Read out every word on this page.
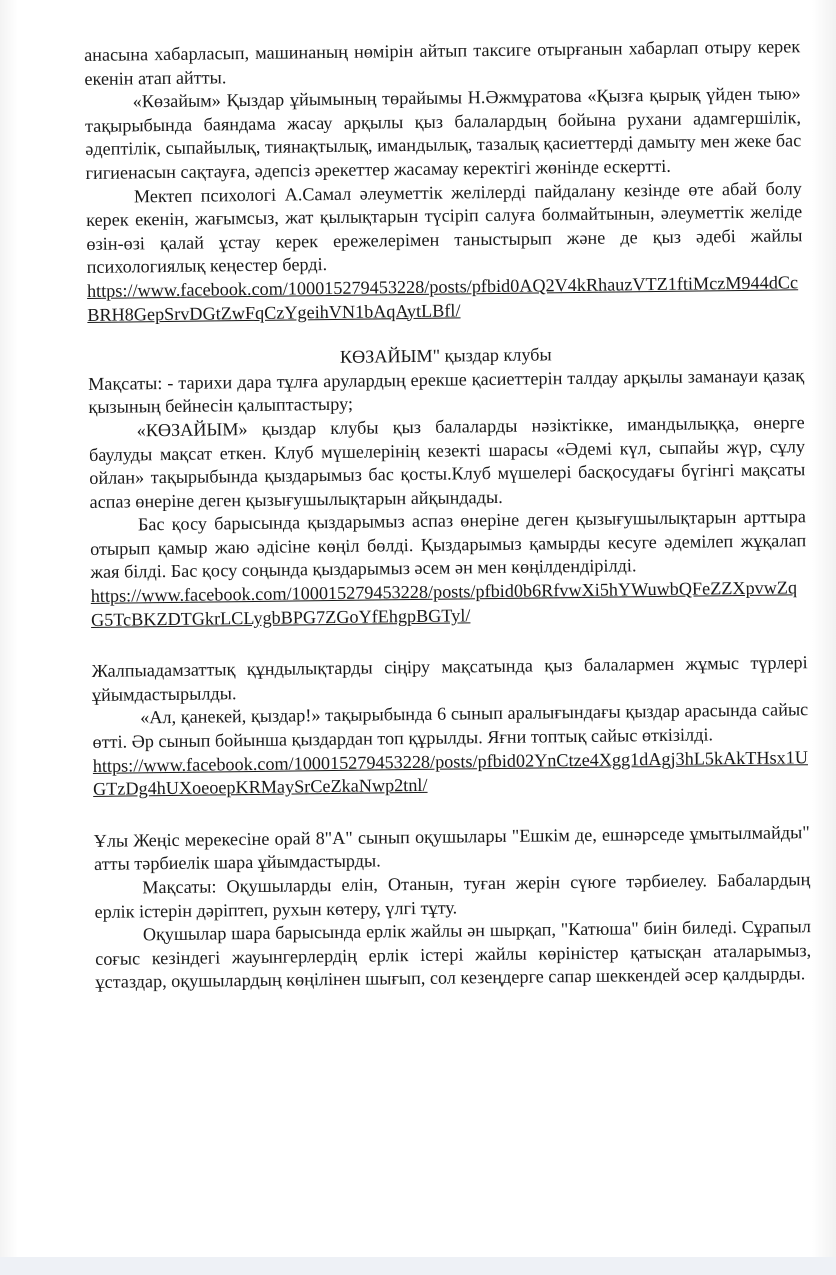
анасына хабарласып, машинаның нөмірін айтып таксиге отырғанын хабарлап отыру керек екенін атап айтты.

«Көзайым» Қыздар ұйымының төрайымы Н.Әжмұратова «Қызға қырық үйден тыю» тақырыбында баяндама жасау арқылы қыз балалардың бойына рухани адамгершілік, әдептілік, сыпайылық, тиянақтылық, имандылық, тазалық қасиеттерді дамыту мен жеке бас гигиенасын сақтауға, әдепсіз әрекеттер жасамау керектігі жөнінде ескертті.

Мектеп психологі А.Самал әлеуметтік желілерді пайдалану кезінде өте абай болу керек екенін, жағымсыз, жат қылықтарын түсіріп салуға болмайтынын, әлеуметтік желіде өзін-өзі қалай ұстау керек ережелерімен таныстырып және де қыз әдебі жайлы психологиялық кеңестер берді.

https://www.facebook.com/100015279453228/posts/pfbid0AQ2V4kRhauzVTZ1ftiMczM944dCcBRH8GepSrvDGtZwFqCzYgeihVN1bAqAytLBfl/

КӨЗАЙЫМ" қыздар клубы

Мақсаты: - тарихи дара тұлға арулардың ерекше қасиеттерін талдау арқылы заманауи қазақ қызының бейнесін қалыптастыру;

«КӨЗАЙЫМ» қыздар клубы қыз балаларды нәзіктікке, имандылыққа, өнерге баулуды мақсат еткен. Клуб мүшелерінің кезекті шарасы «Әдемі күл, сыпайы жүр, сұлу ойлан» тақырыбында қыздарымыз бас қосты.Клуб мүшелері басқосудағы бүгінгі мақсаты аспаз өнеріне деген қызығушылықтарын айқындады.

Бас қосу барысында қыздарымыз аспаз өнеріне деген қызығушылықтарын арттыра отырып қамыр жаю әдісіне көңіл бөлді. Қыздарымыз қамырды кесуге әдемілеп жұқалап жая білді. Бас қосу соңында қыздарымыз әсем ән мен көңілдендірілді.

https://www.facebook.com/100015279453228/posts/pfbid0b6RfvwXi5hYWuwbQFeZZXpvwZqG5TcBKZDTGkrLCLygbBPG7ZGoYfEhgpBGTyl/

Жалпыадамзаттық құндылықтарды сіңіру мақсатында қыз балалармен жұмыс түрлері ұйымдастырылды.

«Ал, қанекей, қыздар!» тақырыбында 6 сынып аралығындағы қыздар арасында сайыс өтті. Әр сынып бойынша қыздардан топ құрылды. Яғни топтық сайыс өткізілді.

https://www.facebook.com/100015279453228/posts/pfbid02YnCtze4Xgg1dAgj3hL5kAkTHsx1UGTzDg4hUXoeoepKRMaySrCeZkaNwp2tnl/

Ұлы Жеңіс мерекесіне орай 8"А" сынып оқушылары "Ешкім де, ешнәрседе ұмытылмайды" атты тәрбиелік шара ұйымдастырды.

Мақсаты: Оқушыларды елін, Отанын, туған жерін сүюге тәрбиелеу. Бабалардың ерлік істерін дәріптеп, рухын көтеру, үлгі тұту.

Оқушылар шара барысында ерлік жайлы ән шырқап, "Катюша" биін биледі. Сұрапыл соғыс кезіндегі жауынгерлердің ерлік істері жайлы көріністер қатысқан аталарымыз, ұстаздар, оқушылардың көңілінен шығып, сол кезеңдерге сапар шеккендей әсер қалдырды.
